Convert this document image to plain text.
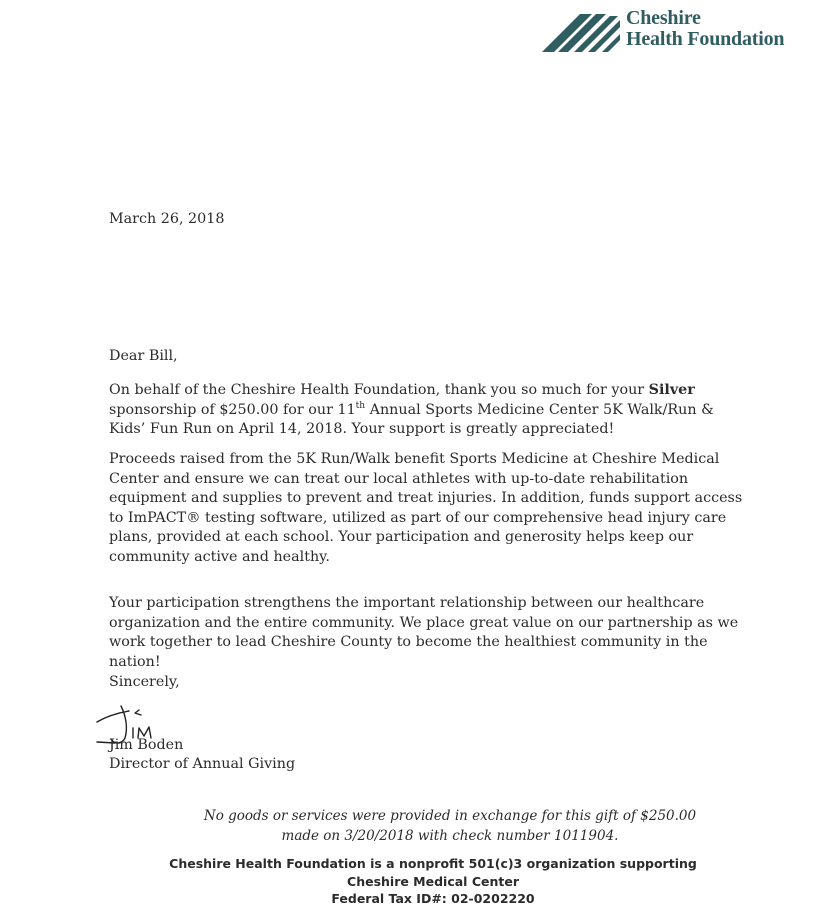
Cheshire
Health Foundation
March 26, 2018
Dear Bill,

On behalf of the Cheshire Health Foundation, thank you so much for your Silver sponsorship of $250.00 for our 11th Annual Sports Medicine Center 5K Walk/Run & Kids’ Fun Run on April 14, 2018. Your support is greatly appreciated!

Proceeds raised from the 5K Run/Walk benefit Sports Medicine at Cheshire Medical Center and ensure we can treat our local athletes with up-to-date rehabilitation equipment and supplies to prevent and treat injuries. In addition, funds support access to ImPACT® testing software, utilized as part of our comprehensive head injury care plans, provided at each school. Your participation and generosity helps keep our community active and healthy.

Your participation strengthens the important relationship between our healthcare organization and the entire community. We place great value on our partnership as we work together to lead Cheshire County to become the healthiest community in the nation!

Sincerely,
Jim Boden
Director of Annual Giving
No goods or services were provided in exchange for this gift of $250.00
made on 3/20/2018 with check number 1011904.
Cheshire Health Foundation is a nonprofit 501(c)3 organization supporting
Cheshire Medical Center
Federal Tax ID#: 02-0202220
